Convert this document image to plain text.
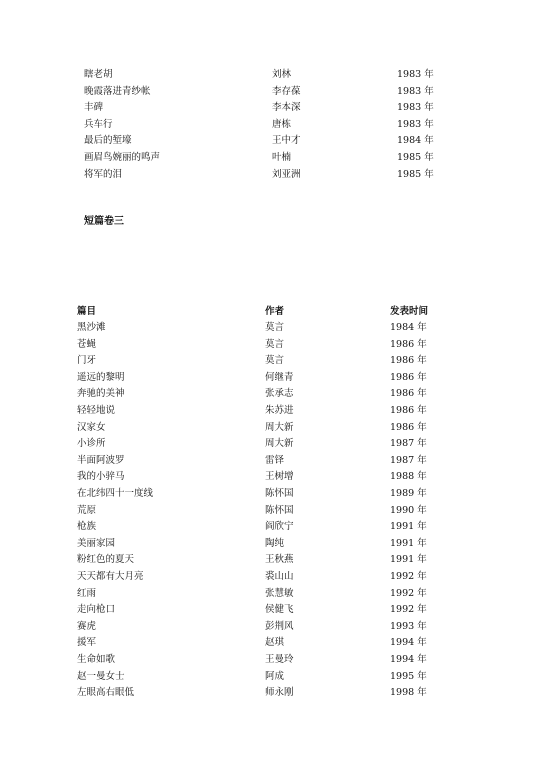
瞎老胡	刘林	1983 年
晚霞落进青纱帐	李存葆	1983 年
丰碑	李本深	1983 年
兵车行	唐栋	1983 年
最后的堑壕	王中才	1984 年
画眉鸟婉丽的鸣声	叶楠	1985 年
将军的泪	刘亚洲	1985 年
短篇卷三
篇目	作者	发表时间
黑沙滩	莫言	1984 年
苍蝇	莫言	1986 年
门牙	莫言	1986 年
遥远的黎明	何继青	1986 年
奔驰的美神	张承志	1986 年
轻轻地说	朱苏进	1986 年
汉家女	周大新	1986 年
小诊所	周大新	1987 年
半面阿波罗	雷铎	1987 年
我的小骍马	王树增	1988 年
在北纬四十一度线	陈怀国	1989 年
荒原	陈怀国	1990 年
枪族	阎欣宁	1991 年
美丽家园	陶纯	1991 年
粉红色的夏天	王秋燕	1991 年
天天都有大月亮	裘山山	1992 年
红雨	张慧敏	1992 年
走向枪口	侯健飞	1992 年
赛虎	彭荆风	1993 年
援军	赵琪	1994 年
生命如歌	王曼玲	1994 年
赵一曼女士	阿成	1995 年
左眼高右眼低	师永刚	1998 年
